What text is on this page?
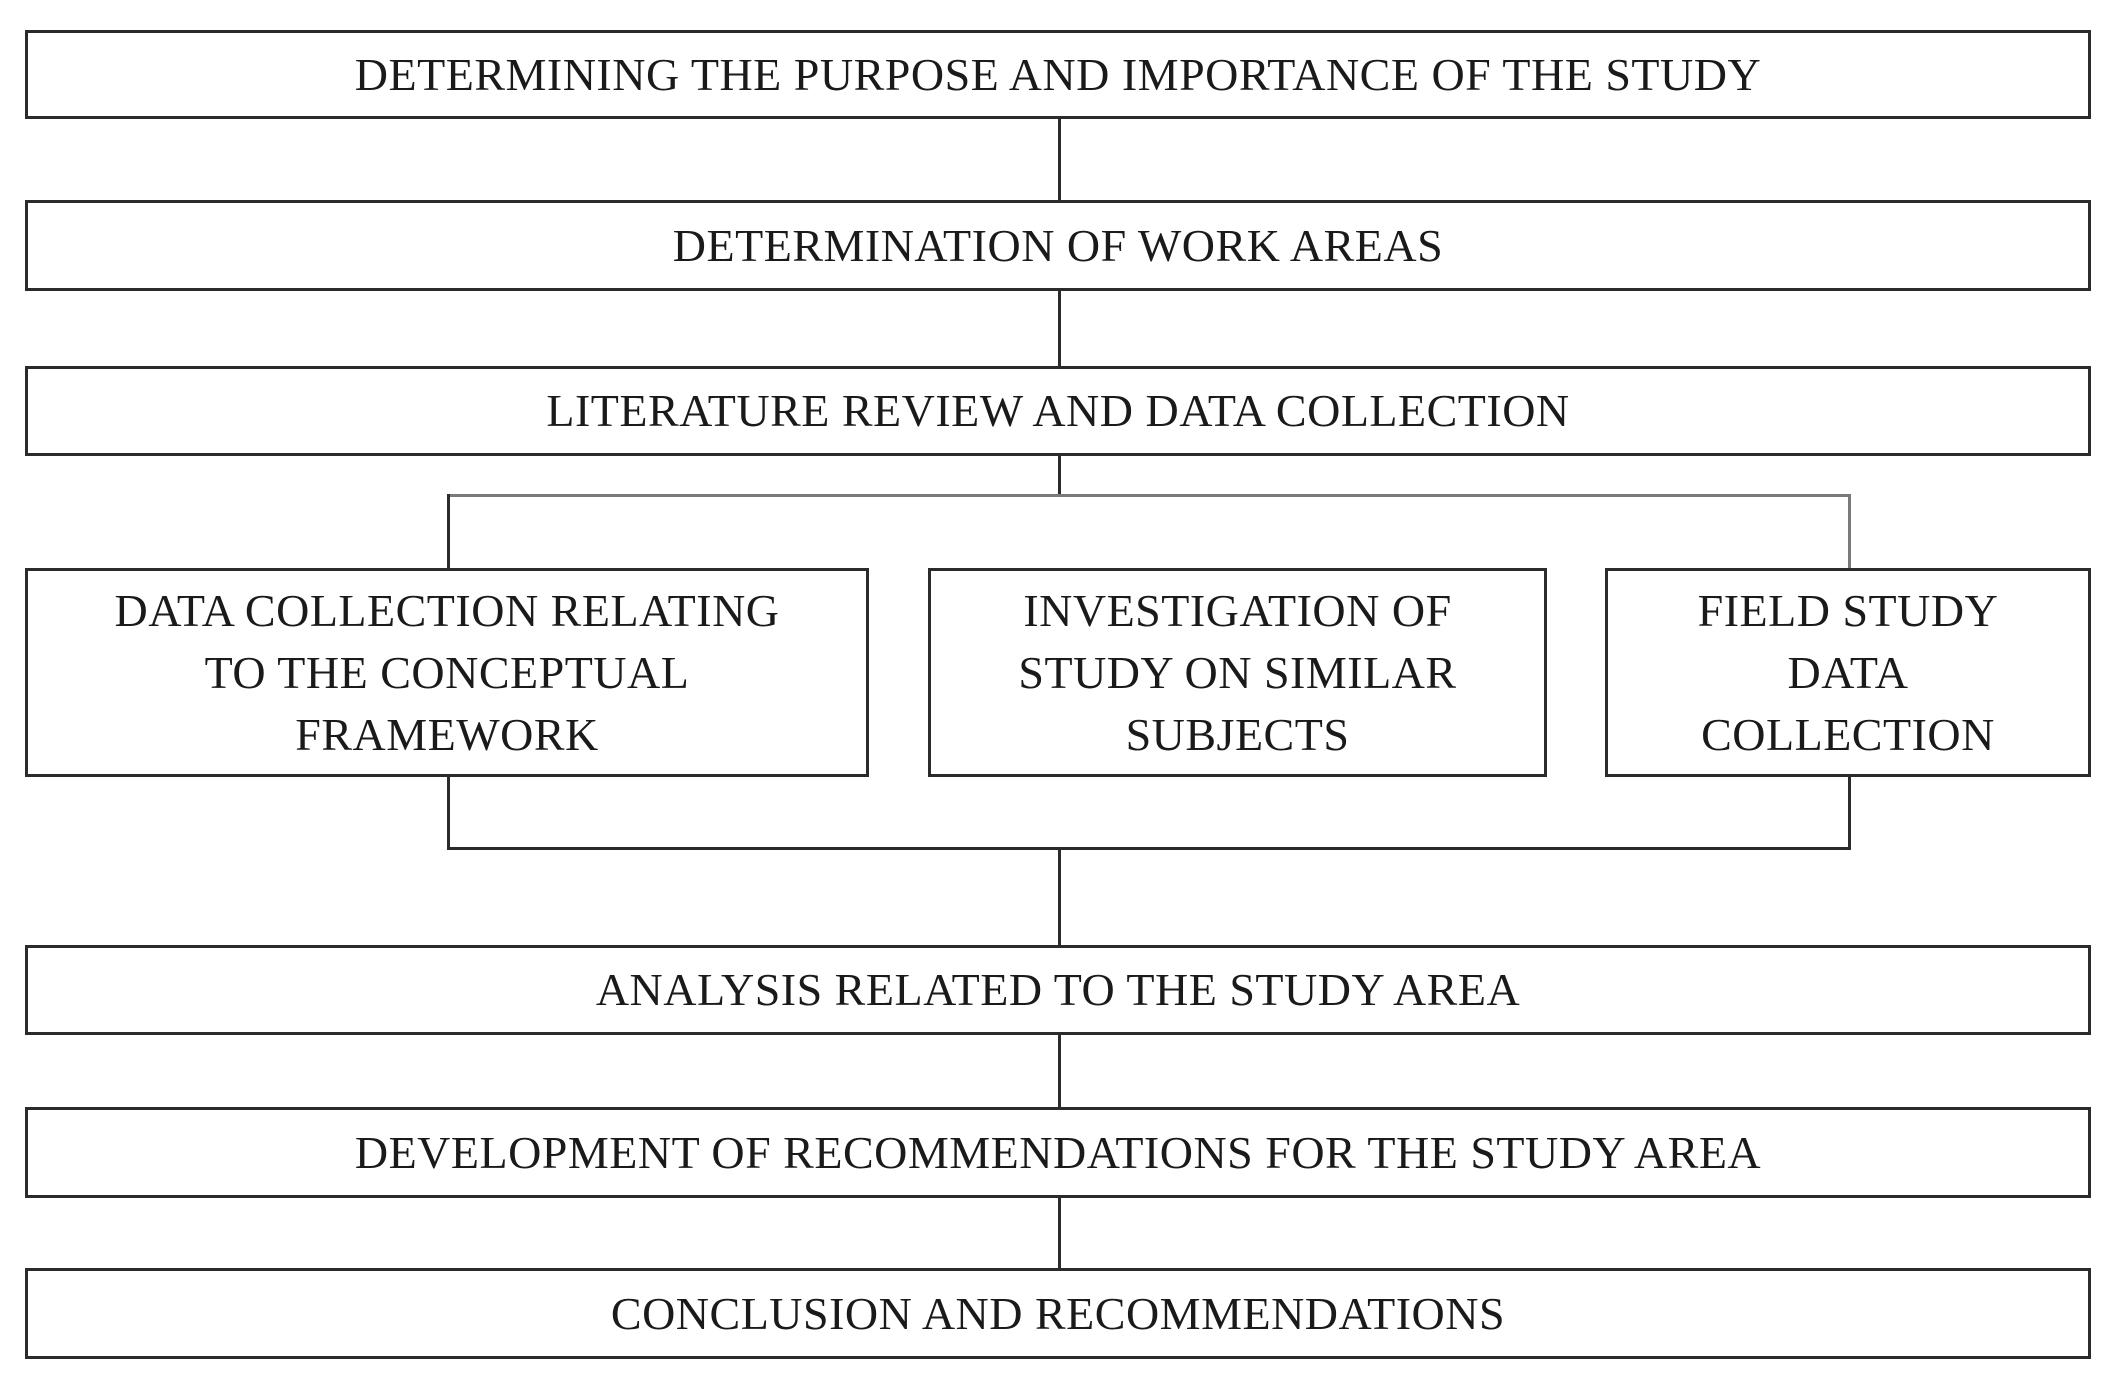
DETERMINING THE PURPOSE AND IMPORTANCE OF THE STUDY
DETERMINATION OF WORK AREAS
LITERATURE REVIEW AND DATA COLLECTION
DATA COLLECTION RELATING
TO THE CONCEPTUAL
FRAMEWORK
INVESTIGATION OF
STUDY ON SIMILAR
SUBJECTS
FIELD STUDY
DATA
COLLECTION
ANALYSIS RELATED TO THE STUDY AREA
DEVELOPMENT OF RECOMMENDATIONS FOR THE STUDY AREA
CONCLUSION AND RECOMMENDATIONS
